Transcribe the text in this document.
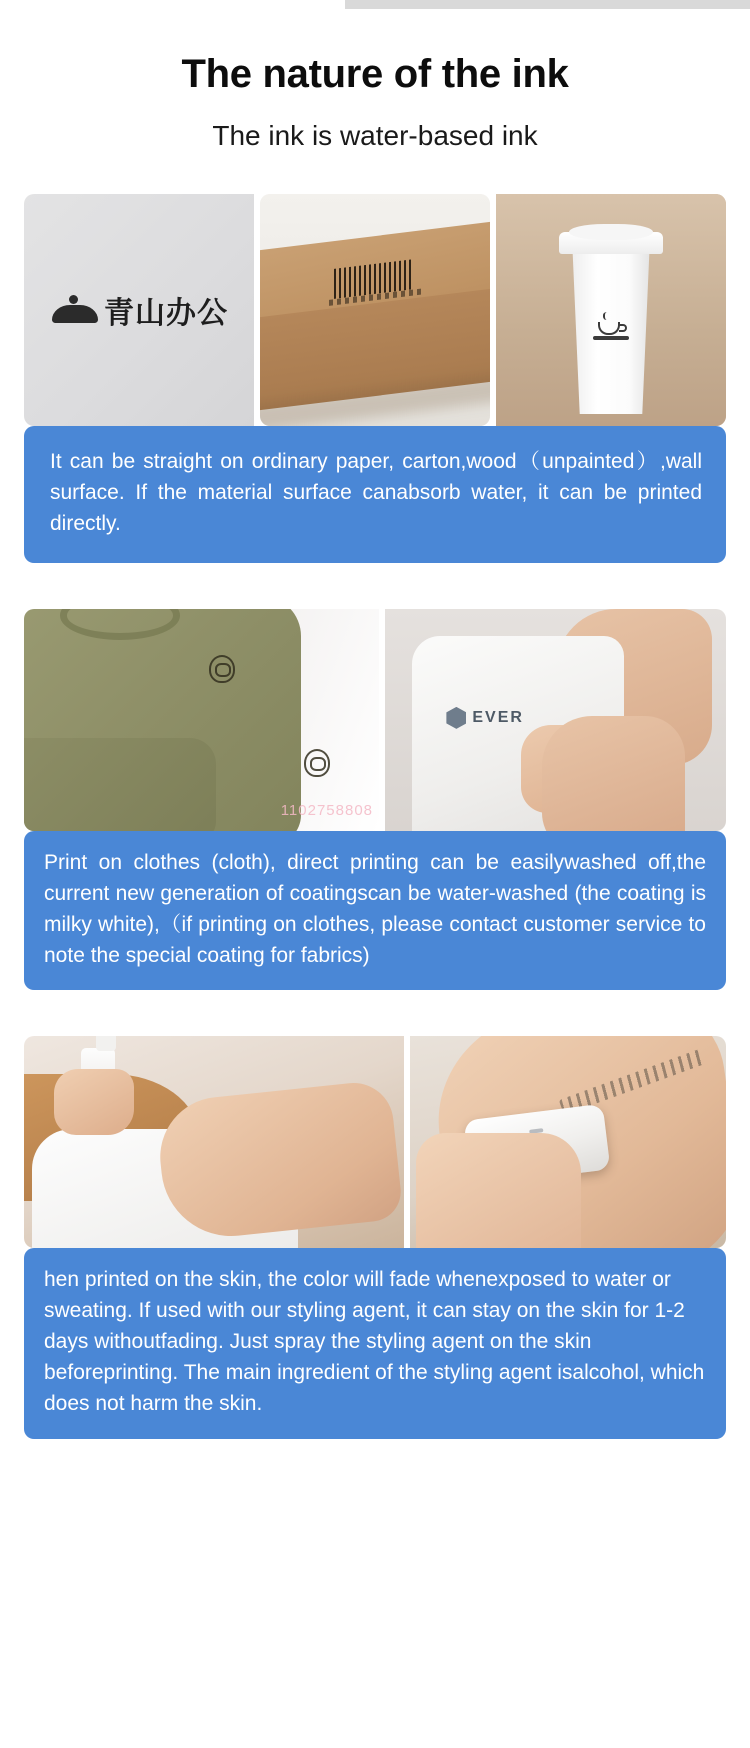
The nature of the ink
The ink is water-based ink
青山办公
It can be straight on ordinary paper, carton,wood（unpainted）,wall surface. If the material surface canabsorb water, it can be printed directly.
1102758808
EVER
Print on clothes (cloth), direct printing can be easilywashed off,the current new generation of coatingscan be water-washed (the coating is milky white),（if printing on clothes, please contact customer service to note the special coating for fabrics)
hen printed on the skin, the color will fade whenexposed to water or sweating. If used with our styling agent, it can stay on the skin for 1-2 days withoutfading. Just spray the styling agent on the skin beforeprinting. The main ingredient of the styling agent isalcohol, which does not harm the skin.
